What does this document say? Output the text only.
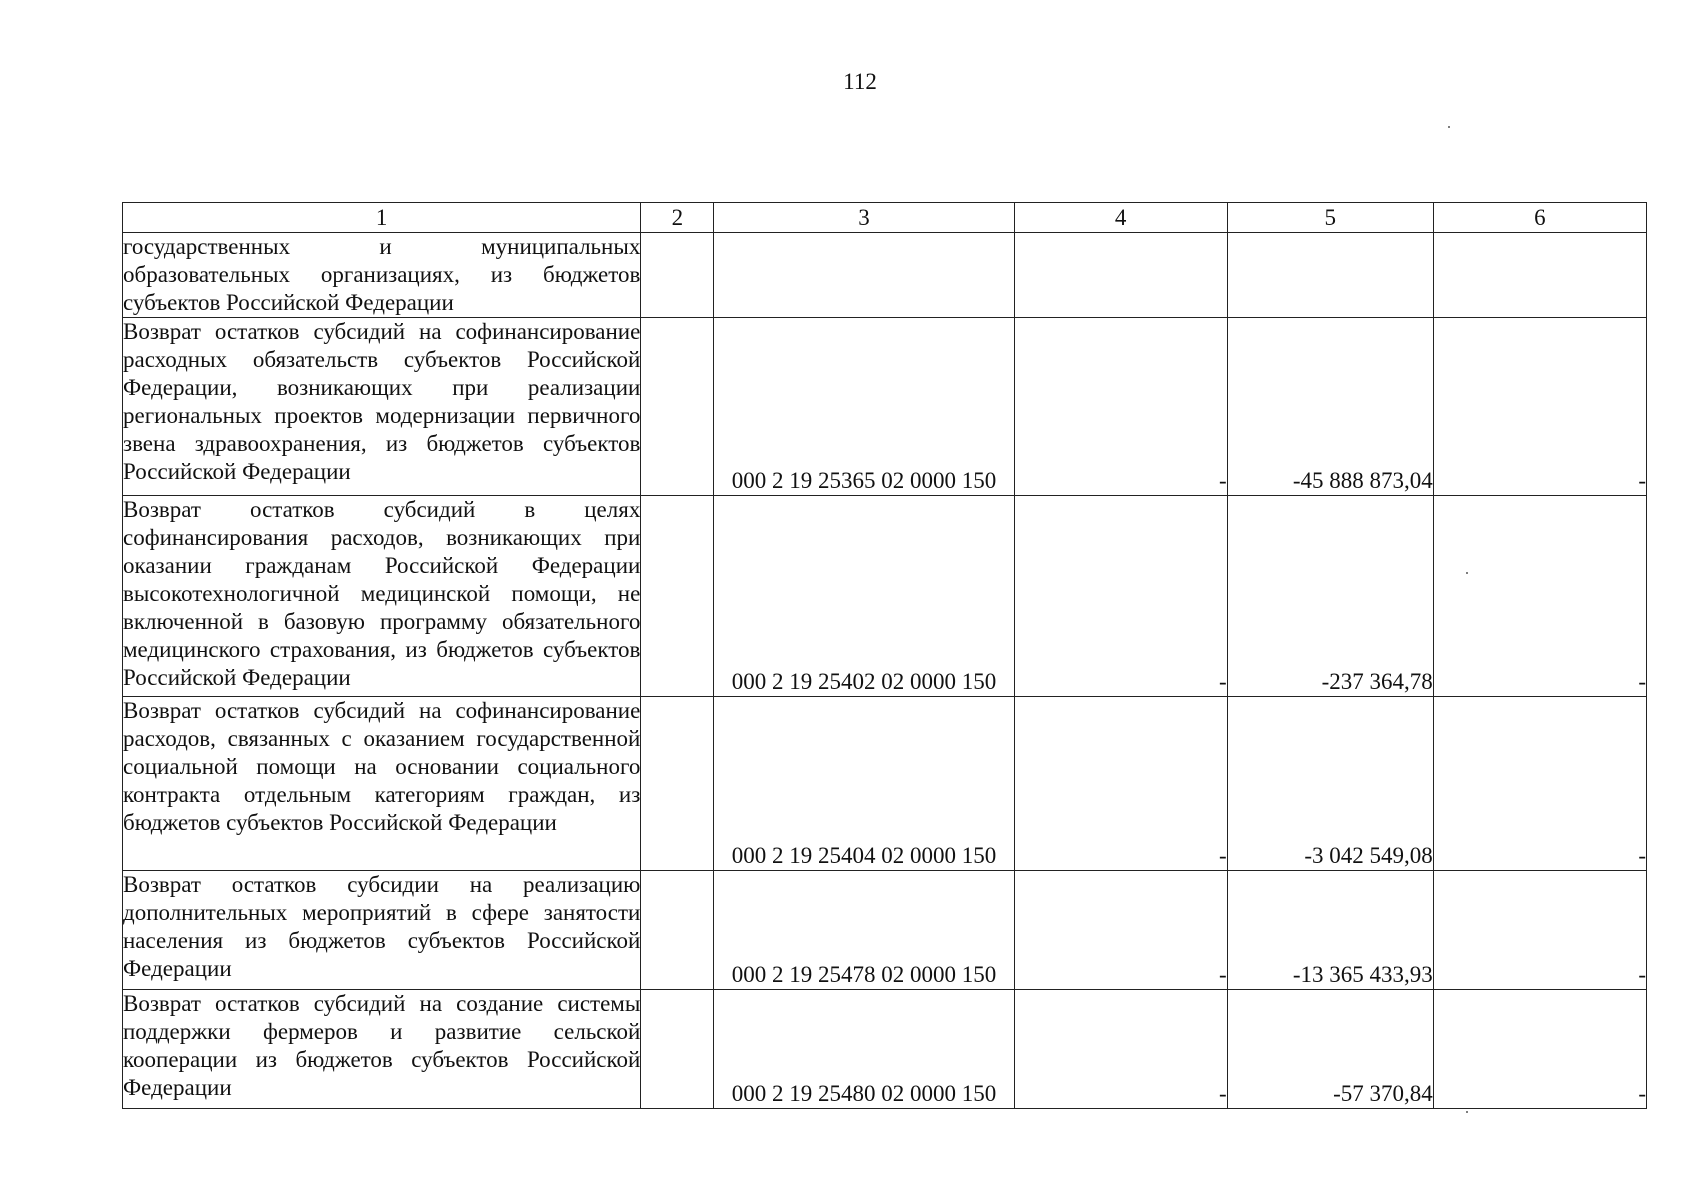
112
1	2	3	4	5	6
государственных и муниципальных образовательных организациях, из бюджетов субъектов Российской Федерации					
Возврат остатков субсидий на софинансирование расходных обязательств субъектов Российской Федерации, возникающих при реализации региональных проектов модернизации первичного звена здравоохранения, из бюджетов субъектов Российской Федерации		000 2 19 25365 02 0000 150	-	-45 888 873,04	-
Возврат остатков субсидий в целях софинансирования расходов, возникающих при оказании гражданам Российской Федерации высокотехнологичной медицинской помощи, не включенной в базовую программу обязательного медицинского страхования, из бюджетов субъектов Российской Федерации		000 2 19 25402 02 0000 150	-	-237 364,78	-
Возврат остатков субсидий на софинансирование расходов, связанных с оказанием государственной социальной помощи на основании социального контракта отдельным категориям граждан, из бюджетов субъектов Российской Федерации		000 2 19 25404 02 0000 150	-	-3 042 549,08	-
Возврат остатков субсидии на реализацию дополнительных мероприятий в сфере занятости населения из бюджетов субъектов Российской Федерации		000 2 19 25478 02 0000 150	-	-13 365 433,93	-
Возврат остатков субсидий на создание системы поддержки фермеров и развитие сельской кооперации из бюджетов субъектов Российской Федерации		000 2 19 25480 02 0000 150	-	-57 370,84	-
